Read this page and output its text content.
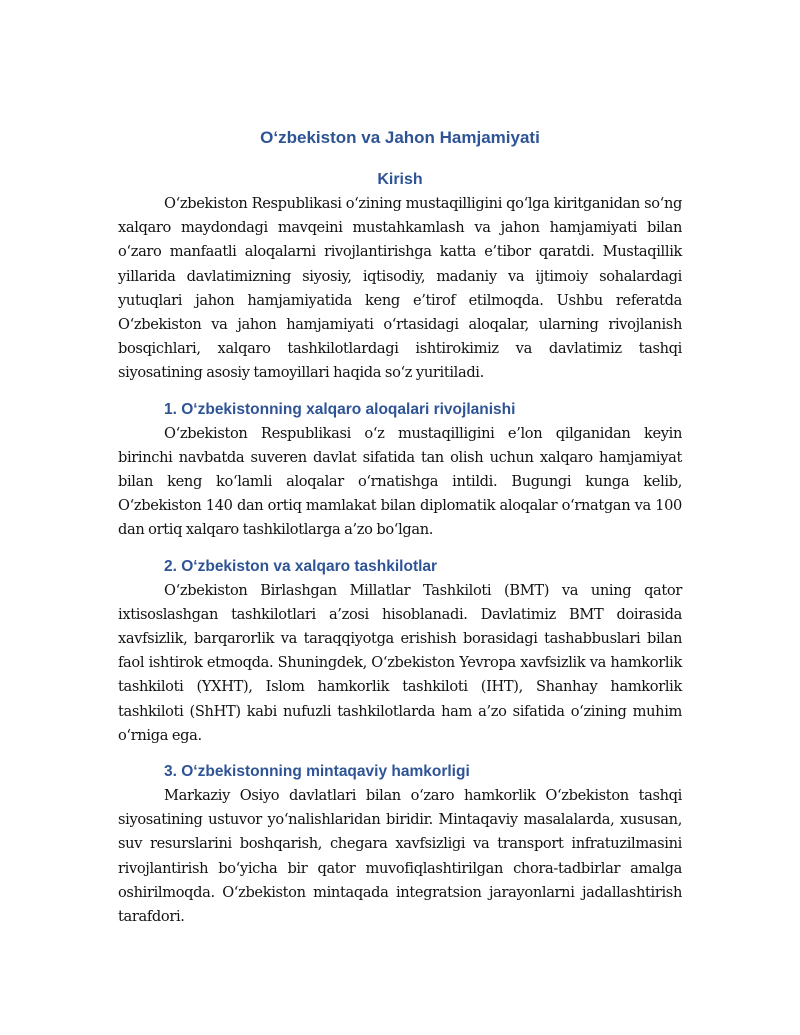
O‘zbekiston va Jahon Hamjamiyati
Kirish

O‘zbekiston Respublikasi o‘zining mustaqilligini qo‘lga kiritganidan so‘ng xalqaro maydondagi mavqeini mustahkamlash va jahon hamjamiyati bilan o‘zaro manfaatli aloqalarni rivojlantirishga katta e’tibor qaratdi. Mustaqillik yillarida davlatimizning siyosiy, iqtisodiy, madaniy va ijtimoiy sohalardagi yutuqlari jahon hamjamiyatida keng e’tirof etilmoqda. Ushbu referatda O‘zbekiston va jahon hamjamiyati o‘rtasidagi aloqalar, ularning rivojlanish bosqichlari, xalqaro tashkilotlardagi ishtirokimiz va davlatimiz tashqi siyosatining asosiy tamoyillari haqida so‘z yuritiladi.

1. O‘zbekistonning xalqaro aloqalari rivojlanishi

O‘zbekiston Respublikasi o‘z mustaqilligini e’lon qilganidan keyin birinchi navbatda suveren davlat sifatida tan olish uchun xalqaro hamjamiyat bilan keng ko‘lamli aloqalar o‘rnatishga intildi. Bugungi kunga kelib, O‘zbekiston 140 dan ortiq mamlakat bilan diplomatik aloqalar o‘rnatgan va 100 dan ortiq xalqaro tashkilotlarga a’zo bo‘lgan.

2. O‘zbekiston va xalqaro tashkilotlar

O‘zbekiston Birlashgan Millatlar Tashkiloti (BMT) va uning qator ixtisoslashgan tashkilotlari a’zosi hisoblanadi. Davlatimiz BMT doirasida xavfsizlik, barqarorlik va taraqqiyotga erishish borasidagi tashabbuslari bilan faol ishtirok etmoqda. Shuningdek, O‘zbekiston Yevropa xavfsizlik va hamkorlik tashkiloti (YXHT), Islom hamkorlik tashkiloti (IHT), Shanhay hamkorlik tashkiloti (ShHT) kabi nufuzli tashkilotlarda ham a’zo sifatida o‘zining muhim o‘rniga ega.

3. O‘zbekistonning mintaqaviy hamkorligi

Markaziy Osiyo davlatlari bilan o‘zaro hamkorlik O‘zbekiston tashqi siyosatining ustuvor yo‘nalishlaridan biridir. Mintaqaviy masalalarda, xususan, suv resurslarini boshqarish, chegara xavfsizligi va transport infratuzilmasini rivojlantirish bo‘yicha bir qator muvofiqlashtirilgan chora-tadbirlar amalga oshirilmoqda. O‘zbekiston mintaqada integratsion jarayonlarni jadallashtirish tarafdori.
